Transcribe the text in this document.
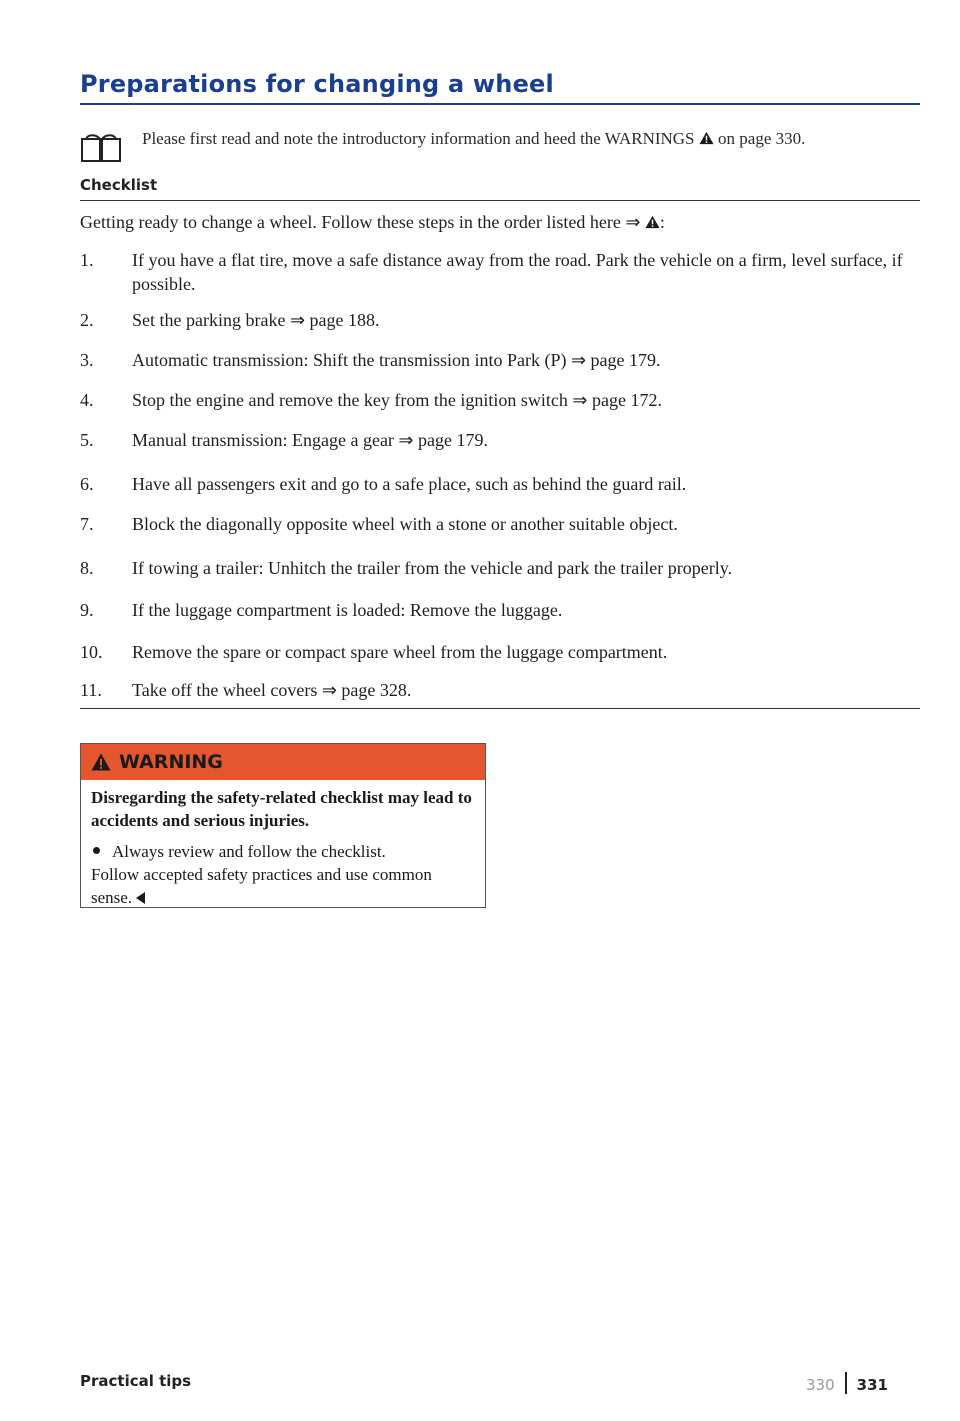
Preparations for changing a wheel
Please first read and note the introductory information and heed the WARNINGS on page 330.
Checklist
Getting ready to change a wheel. Follow these steps in the order listed here ⇒ :
1.	If you have a flat tire, move a safe distance away from the road. Park the vehicle on a firm, level surface, if possible.
2.	Set the parking brake ⇒ page 188.
3.	Automatic transmission: Shift the transmission into Park (P) ⇒ page 179.
4.	Stop the engine and remove the key from the ignition switch ⇒ page 172.
5.	Manual transmission: Engage a gear ⇒ page 179.
6.	Have all passengers exit and go to a safe place, such as behind the guard rail.
7.	Block the diagonally opposite wheel with a stone or another suitable object.
8.	If towing a trailer: Unhitch the trailer from the vehicle and park the trailer properly.
9.	If the luggage compartment is loaded: Remove the luggage.
10.	Remove the spare or compact spare wheel from the luggage compartment.
11.	Take off the wheel covers ⇒ page 328.
WARNING
Disregarding the safety-related checklist may lead to accidents and serious injuries.
Always review and follow the checklist.
Follow accepted safety practices and use common sense.
Practical tips	330 331
